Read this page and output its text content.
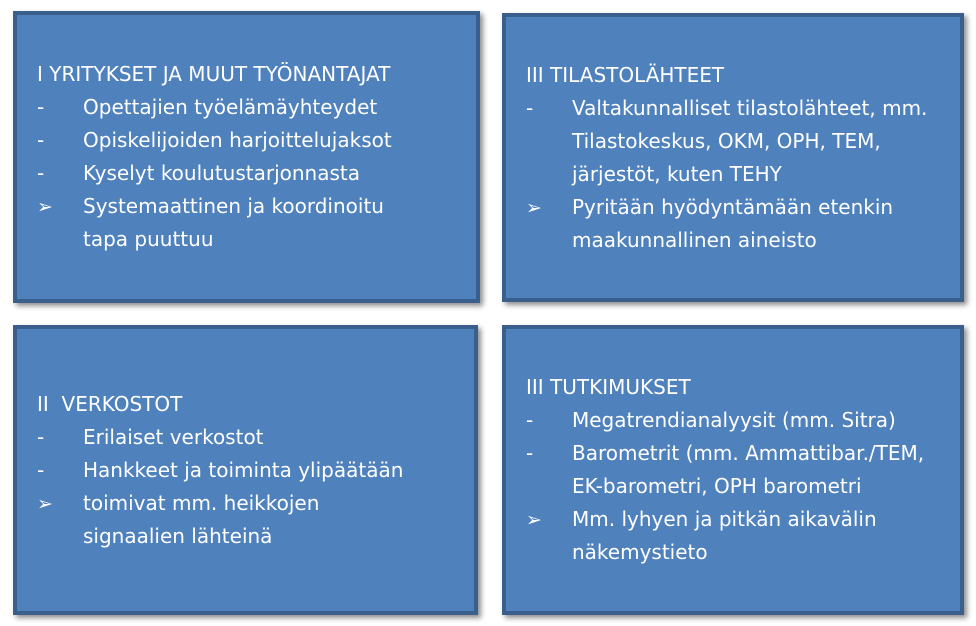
I YRITYKSET JA MUUT TYÖNANTAJAT

-
Opettajien työelämäyhteydet
-
Opiskelijoiden harjoittelujaksot
-
Kyselyt koulutustarjonnasta
➢
Systemaattinen ja koordinoitu tapa puuttuu

III TILASTOLÄHTEET

-
Valtakunnalliset tilastolähteet, mm. Tilastokeskus, OKM, OPH, TEM, järjestöt, kuten TEHY
➢
Pyritään hyödyntämään etenkin maakunnallinen aineisto

II  VERKOSTOT

-
Erilaiset verkostot
-
Hankkeet ja toiminta ylipäätään
➢
toimivat mm. heikkojen signaalien lähteinä

III TUTKIMUKSET

-
Megatrendianalyysit (mm. Sitra)
-
Barometrit (mm. Ammattibar./TEM, EK-barometri, OPH barometri
➢
Mm. lyhyen ja pitkän aikavälin näkemystieto
